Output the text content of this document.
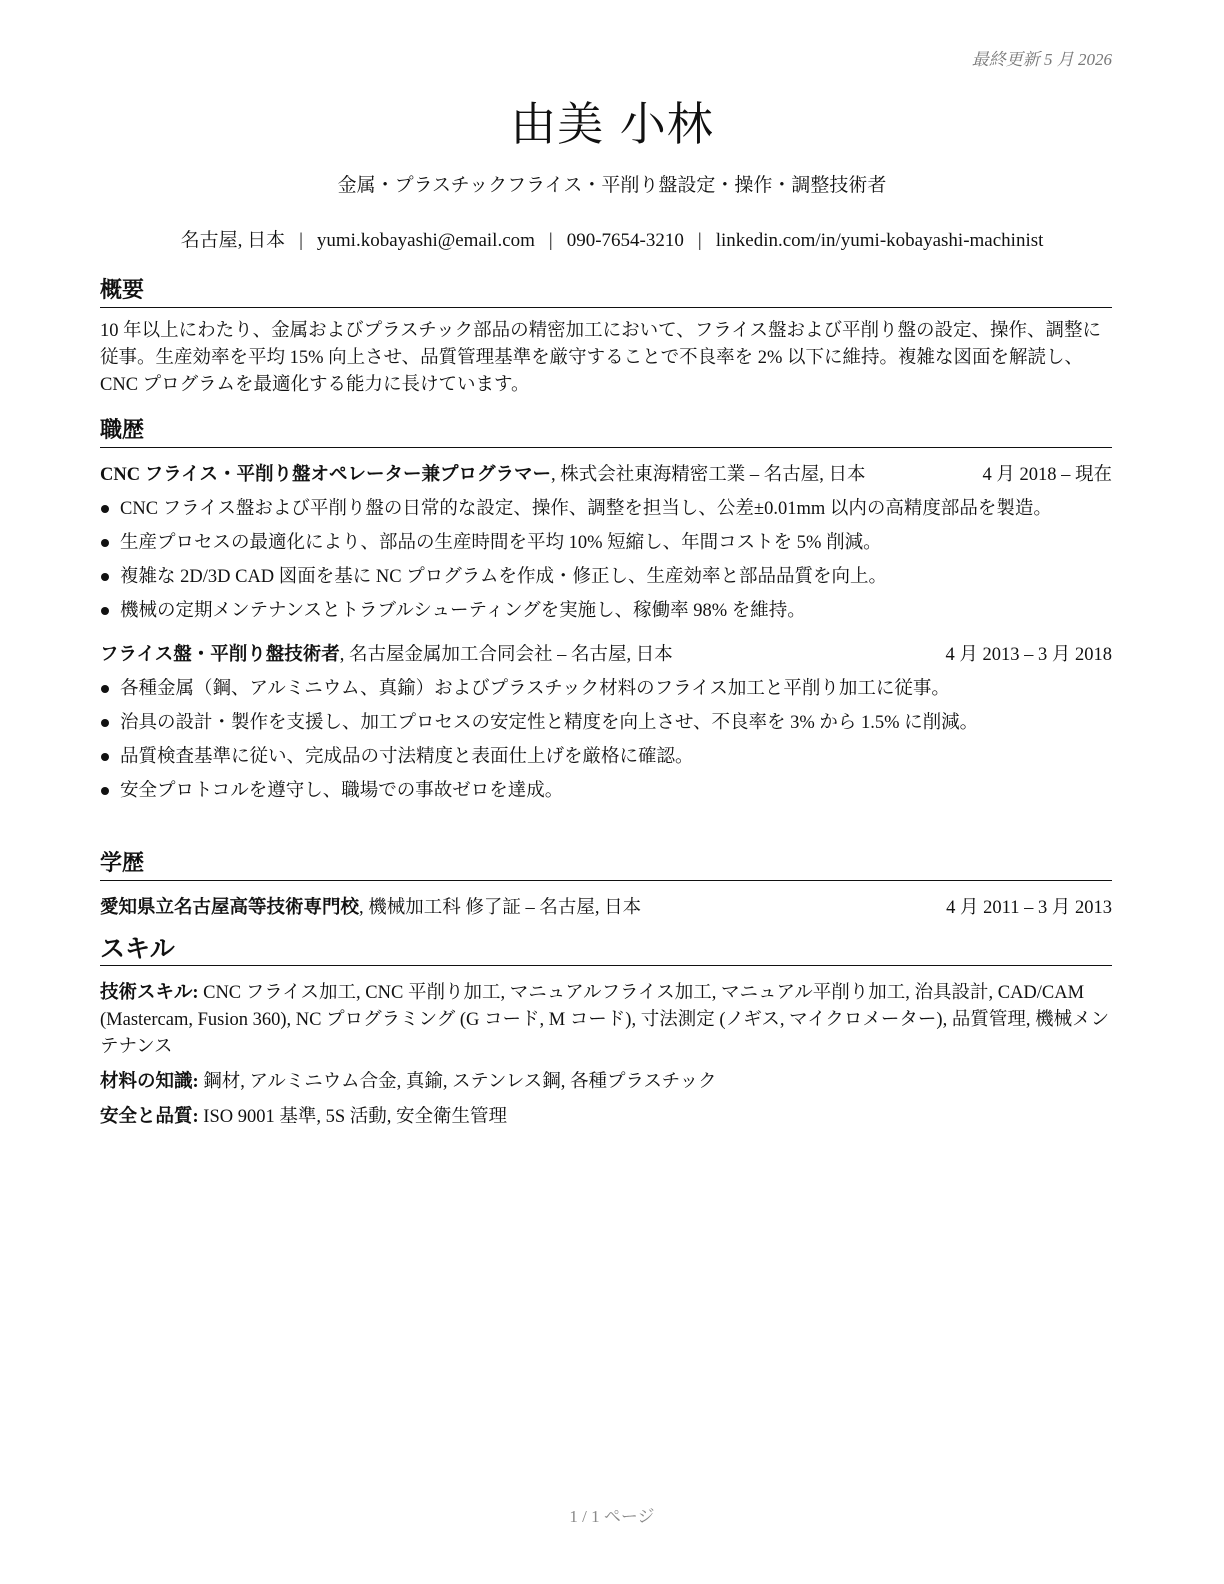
最終更新 5 月 2026
由美 小林
金属・プラスチックフライス・平削り盤設定・操作・調整技術者
名古屋, 日本 | yumi.kobayashi@email.com | 090-7654-3210 | linkedin.com/in/yumi-kobayashi-machinist
概要

10 年以上にわたり、金属およびプラスチック部品の精密加工において、フライス盤および平削り盤の設定、操作、調整に従事。生産効率を平均 15% 向上させ、品質管理基準を厳守することで不良率を 2% 以下に維持。複雑な図面を解読し、CNC プログラムを最適化する能力に長けています。

職歴
CNC フライス・平削り盤オペレーター兼プログラマー, 株式会社東海精密工業 – 名古屋, 日本	4 月 2018 – 現在
CNC フライス盤および平削り盤の日常的な設定、操作、調整を担当し、公差±0.01mm 以内の高精度部品を製造。
生産プロセスの最適化により、部品の生産時間を平均 10% 短縮し、年間コストを 5% 削減。
複雑な 2D/3D CAD 図面を基に NC プログラムを作成・修正し、生産効率と部品品質を向上。
機械の定期メンテナンスとトラブルシューティングを実施し、稼働率 98% を維持。
フライス盤・平削り盤技術者, 名古屋金属加工合同会社 – 名古屋, 日本	4 月 2013 – 3 月 2018
各種金属（鋼、アルミニウム、真鍮）およびプラスチック材料のフライス加工と平削り加工に従事。
治具の設計・製作を支援し、加工プロセスの安定性と精度を向上させ、不良率を 3% から 1.5% に削減。
品質検査基準に従い、完成品の寸法精度と表面仕上げを厳格に確認。
安全プロトコルを遵守し、職場での事故ゼロを達成。
学歴
愛知県立名古屋高等技術専門校, 機械加工科 修了証 – 名古屋, 日本	4 月 2011 – 3 月 2013
スキル
技術スキル: CNC フライス加工, CNC 平削り加工, マニュアルフライス加工, マニュアル平削り加工, 治具設計, CAD/CAM (Mastercam, Fusion 360), NC プログラミング (G コード, M コード), 寸法測定 (ノギス, マイクロメーター), 品質管理, 機械メンテナンス
材料の知識: 鋼材, アルミニウム合金, 真鍮, ステンレス鋼, 各種プラスチック
安全と品質: ISO 9001 基準, 5S 活動, 安全衛生管理
1 / 1 ページ
